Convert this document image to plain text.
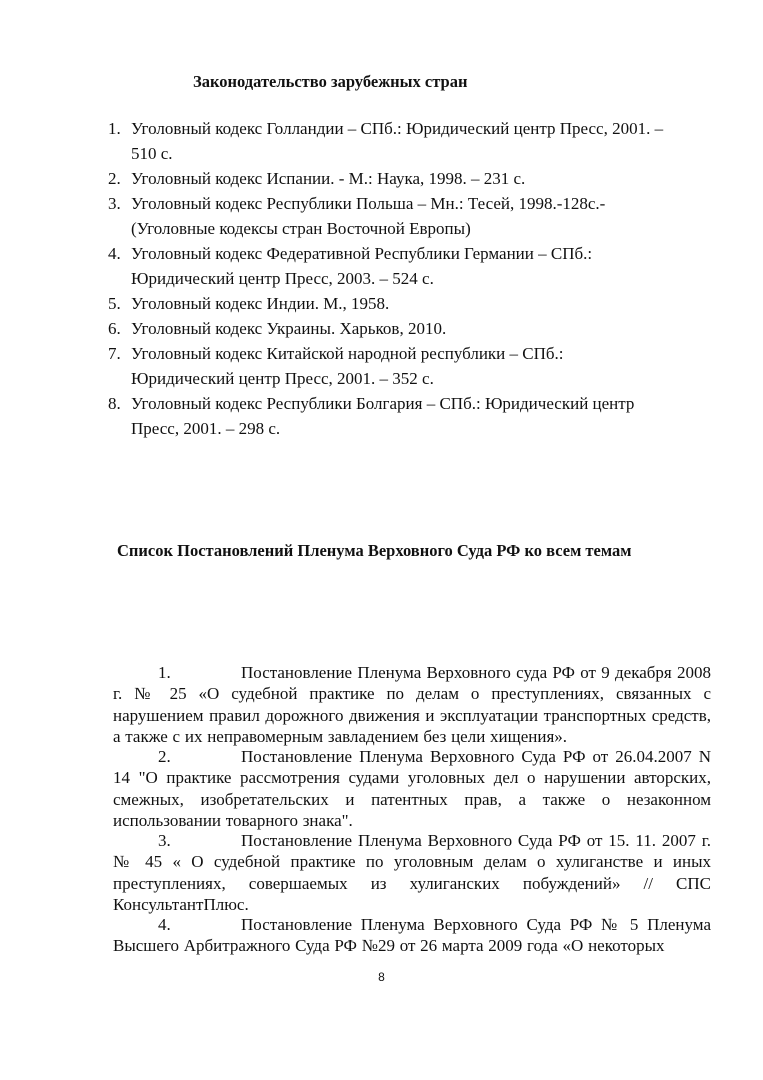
Законодательство зарубежных стран
1. Уголовный кодекс Голландии – СПб.: Юридический центр Пресс, 2001. –
510 с.
2. Уголовный кодекс Испании. - М.: Наука, 1998. – 231 с.
3. Уголовный кодекс Республики Польша – Мн.: Тесей, 1998.-128с.-
(Уголовные кодексы стран Восточной Европы)
4. Уголовный кодекс Федеративной Республики Германии – СПб.:
Юридический центр Пресс, 2003. – 524 с.
5. Уголовный кодекс Индии. М., 1958.
6. Уголовный кодекс Украины. Харьков, 2010.
7. Уголовный кодекс Китайской народной республики – СПб.:
Юридический центр Пресс, 2001. – 352 с.
8. Уголовный кодекс Республики Болгария – СПб.: Юридический центр
Пресс, 2001. – 298 с.
Список Постановлений Пленума Верховного Суда РФ ко всем темам
1.	Постановление Пленума Верховного суда РФ от 9 декабря 2008 г. № 25 «О судебной практике по делам о преступлениях, связанных с нарушением правил дорожного движения и эксплуатации транспортных средств, а также с их неправомерным завладением без цели хищения».
2.	Постановление Пленума Верховного Суда РФ от 26.04.2007 N 14 "О практике рассмотрения судами уголовных дел о нарушении авторских, смежных, изобретательских и патентных прав, а также о незаконном использовании товарного знака".
3.	Постановление Пленума Верховного Суда РФ от 15. 11. 2007 г. № 45 « О судебной практике по уголовным делам о хулиганстве и иных преступлениях, совершаемых из хулиганских побуждений» // СПС КонсультантПлюс.
4.	Постановление Пленума Верховного Суда РФ № 5 Пленума Высшего Арбитражного Суда РФ №29 от 26 марта 2009 года «О некоторых
8
